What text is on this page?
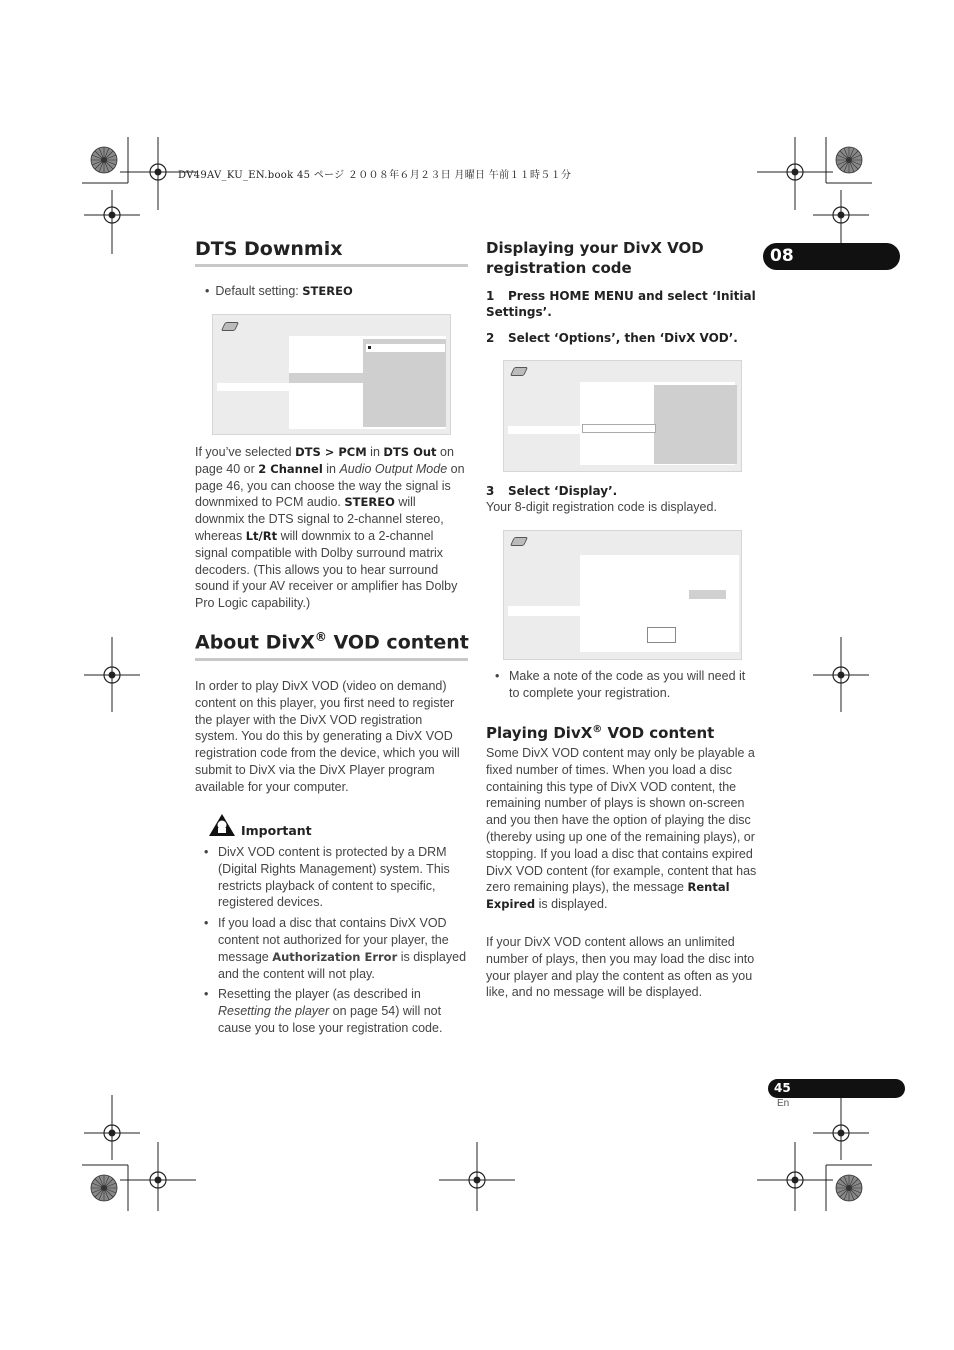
DV49AV_KU_EN.book 45 ページ ２００８年６月２３日 月曜日 午前１１時５１分
08
DTS Downmix
• Default setting: STEREO
If you’ve selected DTS > PCM in DTS Out on page 40 or 2 Channel in Audio Output Mode on page 46, you can choose the way the signal is downmixed to PCM audio. STEREO will downmix the DTS signal to 2-channel stereo, whereas Lt/Rt will downmix to a 2-channel signal compatible with Dolby surround matrix decoders. (This allows you to hear surround sound if your AV receiver or amplifier has Dolby Pro Logic capability.)
About DivX® VOD content
In order to play DivX VOD (video on demand) content on this player, you first need to register the player with the DivX VOD registration system. You do this by generating a DivX VOD registration code from the device, which you will submit to DivX via the DivX Player program available for your computer.
Important
• DivX VOD content is protected by a DRM (Digital Rights Management) system. This restricts playback of content to specific, registered devices.
• If you load a disc that contains DivX VOD content not authorized for your player, the message Authorization Error is displayed and the content will not play.
• Resetting the player (as described in Resetting the player on page 54) will not cause you to lose your registration code.
Displaying your DivX VOD registration code
1 Press HOME MENU and select ‘Initial Settings’.
2 Select ‘Options’, then ‘DivX VOD’.
3 Select ‘Display’.
Your 8-digit registration code is displayed.
• Make a note of the code as you will need it to complete your registration.
Playing DivX® VOD content
Some DivX VOD content may only be playable a fixed number of times. When you load a disc containing this type of DivX VOD content, the remaining number of plays is shown on-screen and you then have the option of playing the disc (thereby using up one of the remaining plays), or stopping. If you load a disc that contains expired DivX VOD content (for example, content that has zero remaining plays), the message Rental Expired is displayed.
If your DivX VOD content allows an unlimited number of plays, then you may load the disc into your player and play the content as often as you like, and no message will be displayed.
45
En
